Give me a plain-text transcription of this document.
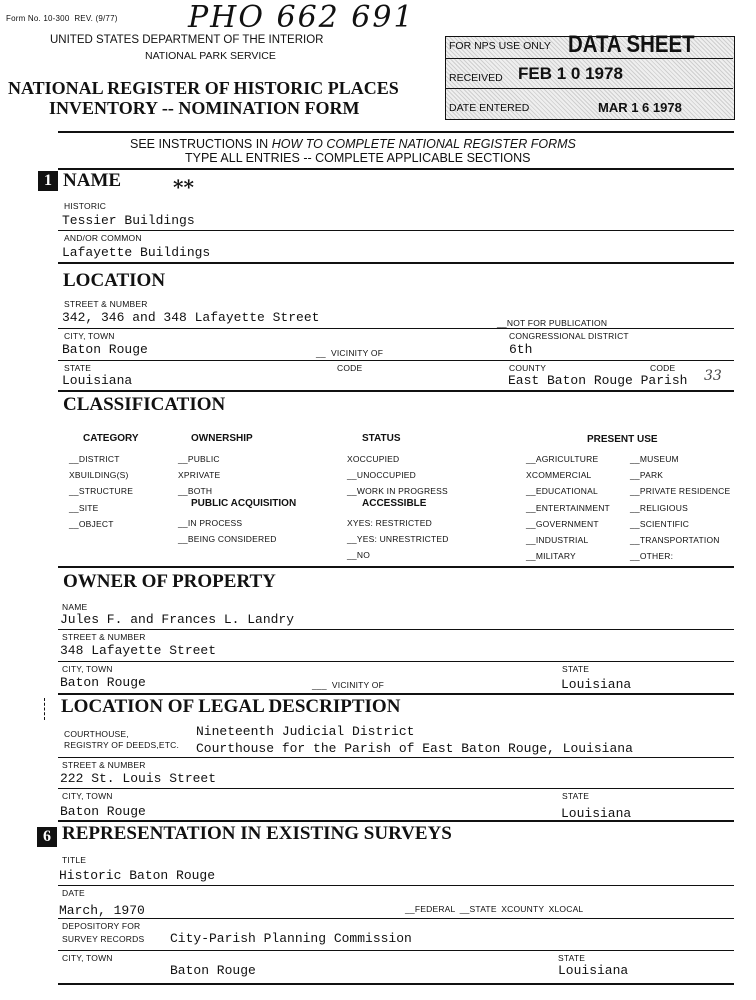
Form No. 10-300 REV. (9/77) PHO 662 691
UNITED STATES DEPARTMENT OF THE INTERIOR
NATIONAL PARK SERVICE
NATIONAL REGISTER OF HISTORIC PLACES
INVENTORY -- NOMINATION FORM
FOR NPS USE ONLY DATA SHEET
RECEIVED FEB 1 0 1978
DATE ENTERED	MAR 1 6 1978
SEE INSTRUCTIONS IN HOW TO COMPLETE NATIONAL REGISTER FORMS
TYPE ALL ENTRIES -- COMPLETE APPLICABLE SECTIONS
1 NAME	**
HISTORIC
Tessier Buildings
AND/OR COMMON
Lafayette Buildings
LOCATION
STREET & NUMBER
342, 346 and 348 Lafayette Street	__NOT FOR PUBLICATION
CITY, TOWN
Baton Rouge	__  VICINITY OF
CONGRESSIONAL DISTRICT
6th
STATE
Louisiana
CODE	COUNTY
East Baton Rouge Parish
CODE 33
CLASSIFICATION
CATEGORY
__DISTRICT
XBUILDING(S)
__STRUCTURE
__SITE
__OBJECT
OWNERSHIP
__PUBLIC
XPRIVATE
__BOTH
PUBLIC ACQUISITION
__IN PROCESS
__BEING CONSIDERED
STATUS
XOCCUPIED
__UNOCCUPIED
__WORK IN PROGRESS
ACCESSIBLE
XYES: RESTRICTED
__YES: UNRESTRICTED
__NO
PRESENT USE
__AGRICULTURE
XCOMMERCIAL
__EDUCATIONAL
__ENTERTAINMENT
__GOVERNMENT
__INDUSTRIAL
__MILITARY
__MUSEUM
__PARK
__PRIVATE RESIDENCE
__RELIGIOUS
__SCIENTIFIC
__TRANSPORTATION
__OTHER:
OWNER OF PROPERTY
NAME
Jules F. and Frances L. Landry
STREET & NUMBER
348 Lafayette Street
CITY, TOWN
Baton Rouge	___  VICINITY OF
STATE
Louisiana
LOCATION OF LEGAL DESCRIPTION
COURTHOUSE,
REGISTRY OF DEEDS,ETC.
Nineteenth Judicial District
Courthouse for the Parish of East Baton Rouge, Louisiana
STREET & NUMBER
222 St. Louis Street
CITY, TOWN
Baton Rouge
STATE
Louisiana
6 REPRESENTATION IN EXISTING SURVEYS
TITLE
Historic Baton Rouge
DATE
March, 1970	__FEDERAL __STATE XCOUNTY XLOCAL
DEPOSITORY FOR
SURVEY RECORDS City-Parish Planning Commission
CITY, TOWN
Baton Rouge
STATE
Louisiana
